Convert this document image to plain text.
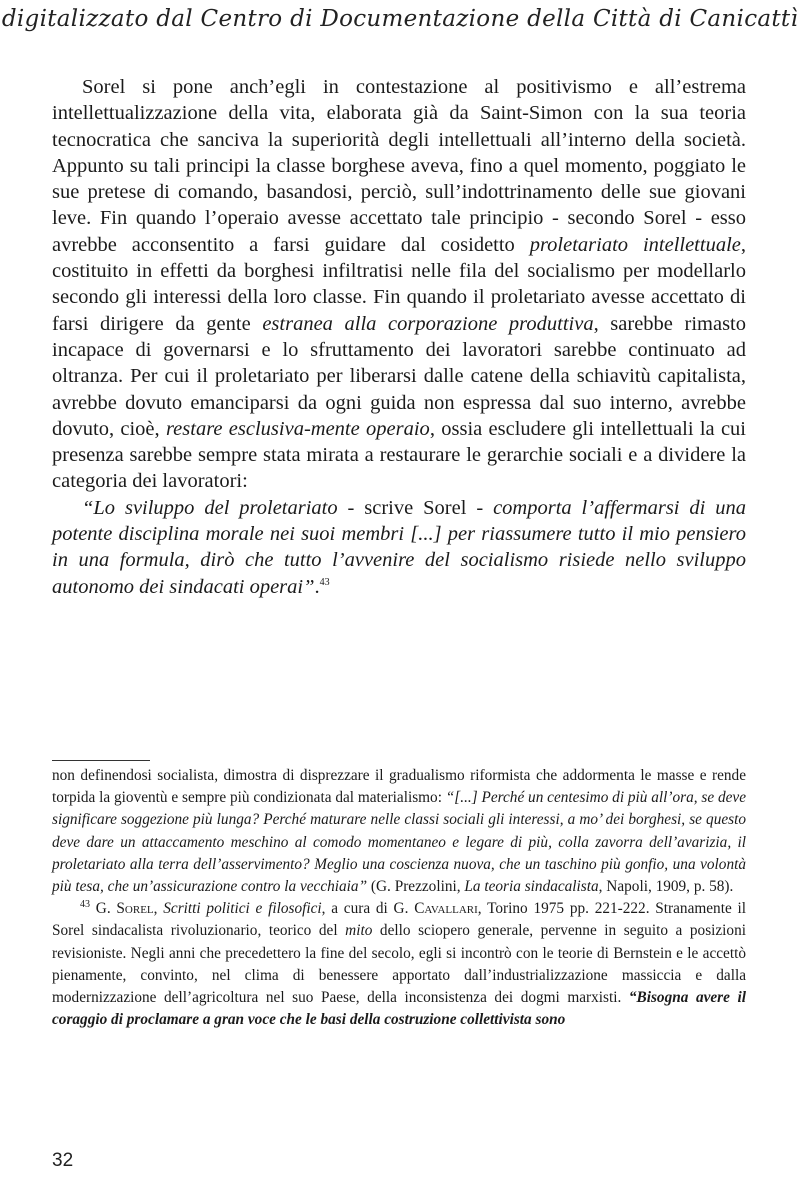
digitalizzato dal Centro di Documentazione della Città di Canicattì

Sorel si pone anch’egli in contestazione al positivismo e all’estrema intellettualizzazione della vita, elaborata già da Saint-Simon con la sua teoria tecnocratica che sanciva la superiorità degli intellettuali all’interno della società. Appunto su tali principi la classe borghese aveva, fino a quel momento, poggiato le sue pretese di comando, basandosi, perciò, sull’indottrinamento delle sue giovani leve. Fin quando l’operaio avesse accettato tale principio - secondo Sorel - esso avrebbe acconsentito a farsi guidare dal cosidetto proletariato intellettuale, costituito in effetti da borghesi infiltratisi nelle fila del socialismo per modellarlo secondo gli interessi della loro classe. Fin quando il proletariato avesse accettato di farsi dirigere da gente estranea alla corporazione produttiva, sarebbe rimasto incapace di governarsi e lo sfruttamento dei lavoratori sarebbe continuato ad oltranza. Per cui il proletariato per liberarsi dalle catene della schiavitù capitalista, avrebbe dovuto emanciparsi da ogni guida non espressa dal suo interno, avrebbe dovuto, cioè, restare esclusiva-mente operaio, ossia escludere gli intellettuali la cui presenza sarebbe sempre stata mirata a restaurare le gerarchie sociali e a dividere la categoria dei lavoratori:

“Lo sviluppo del proletariato - scrive Sorel - comporta l’affermarsi di una potente disciplina morale nei suoi membri [...] per riassumere tutto il mio pensiero in una formula, dirò che tutto l’avvenire del socialismo risiede nello sviluppo autonomo dei sindacati operai”.$^{43}$

non definendosi socialista, dimostra di disprezzare il gradualismo riformista che addormenta le masse e rende torpida la gioventù e sempre più condizionata dal materialismo: “[...] Perché un centesimo di più all’ora, se deve significare soggezione più lunga? Perché maturare nelle classi sociali gli interessi, a mo’ dei borghesi, se questo deve dare un attaccamento meschino al comodo momentaneo e legare di più, colla zavorra dell’avarizia, il proletariato alla terra dell’asservimento? Meglio una coscienza nuova, che un taschino più gonfio, una volontà più tesa, che un’assicurazione contro la vecchiaia” (G. Prezzolini, La teoria sindacalista, Napoli, 1909, p. 58).

$^{43}$ G. Sorel, Scritti politici e filosofici, a cura di G. Cavallari, Torino 1975 pp. 221-222. Stranamente il Sorel sindacalista rivoluzionario, teorico del mito dello sciopero generale, pervenne in seguito a posizioni revisioniste. Negli anni che precedettero la fine del secolo, egli si incontrò con le teorie di Bernstein e le accettò pienamente, convinto, nel clima di benessere apportato dall’industrializzazione massiccia e dalla modernizzazione dell’agricoltura nel suo Paese, della inconsistenza dei dogmi marxisti. “Bisogna avere il coraggio di proclamare a gran voce che le basi della costruzione collettivista sono

32
